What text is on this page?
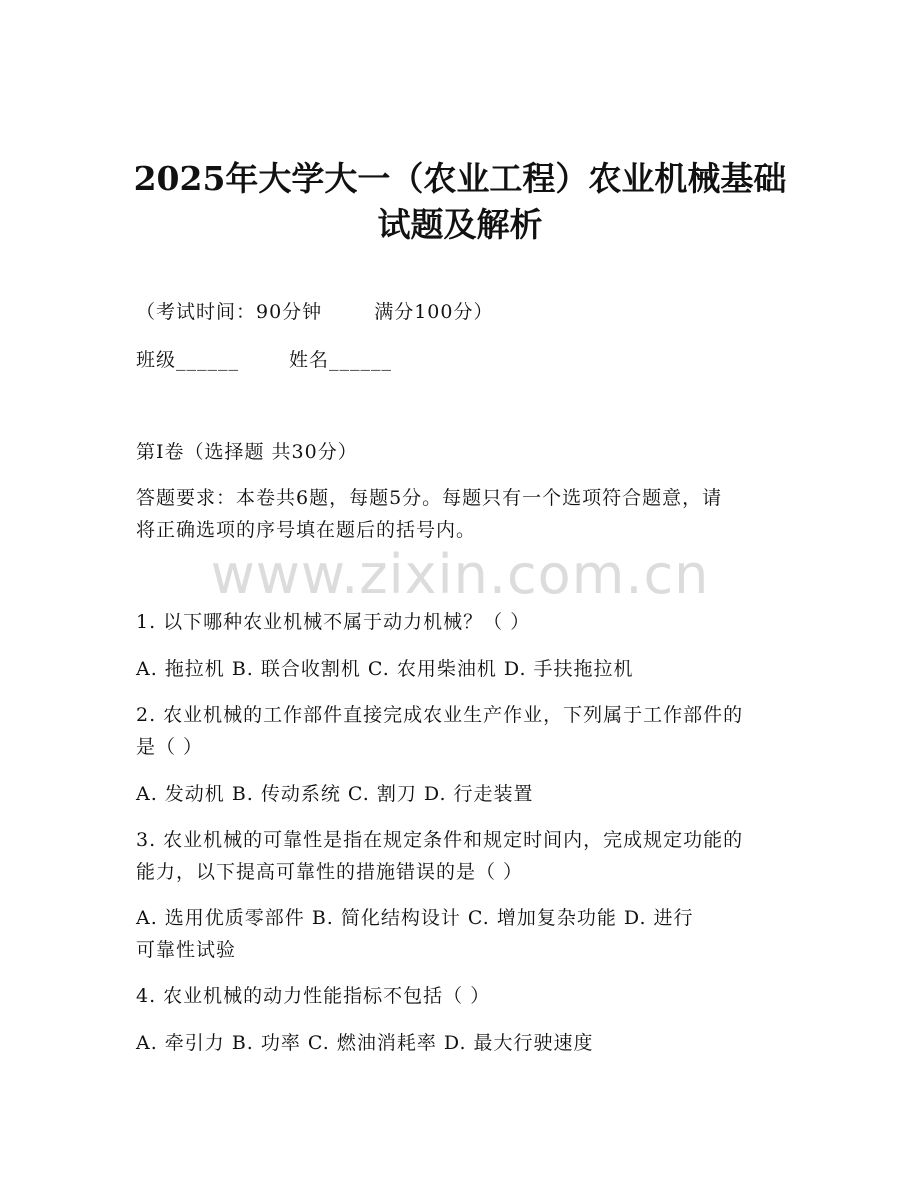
2025年大学大一（农业工程）农业机械基础
试题及解析
（考试时间：90分钟	满分100分）
班级______	姓名______
第I卷（选择题 共30分）
答题要求：本卷共6题，每题5分。每题只有一个选项符合题意，请
将正确选项的序号填在题后的括号内。
www.zixin.com.cn
1. 以下哪种农业机械不属于动力机械？（ ）
A. 拖拉机 B. 联合收割机 C. 农用柴油机 D. 手扶拖拉机
2. 农业机械的工作部件直接完成农业生产作业，下列属于工作部件的
是（ ）
A. 发动机 B. 传动系统 C. 割刀 D. 行走装置
3. 农业机械的可靠性是指在规定条件和规定时间内，完成规定功能的
能力，以下提高可靠性的措施错误的是（ ）
A. 选用优质零部件 B. 简化结构设计 C. 增加复杂功能 D. 进行
可靠性试验
4. 农业机械的动力性能指标不包括（ ）
A. 牵引力 B. 功率 C. 燃油消耗率 D. 最大行驶速度
